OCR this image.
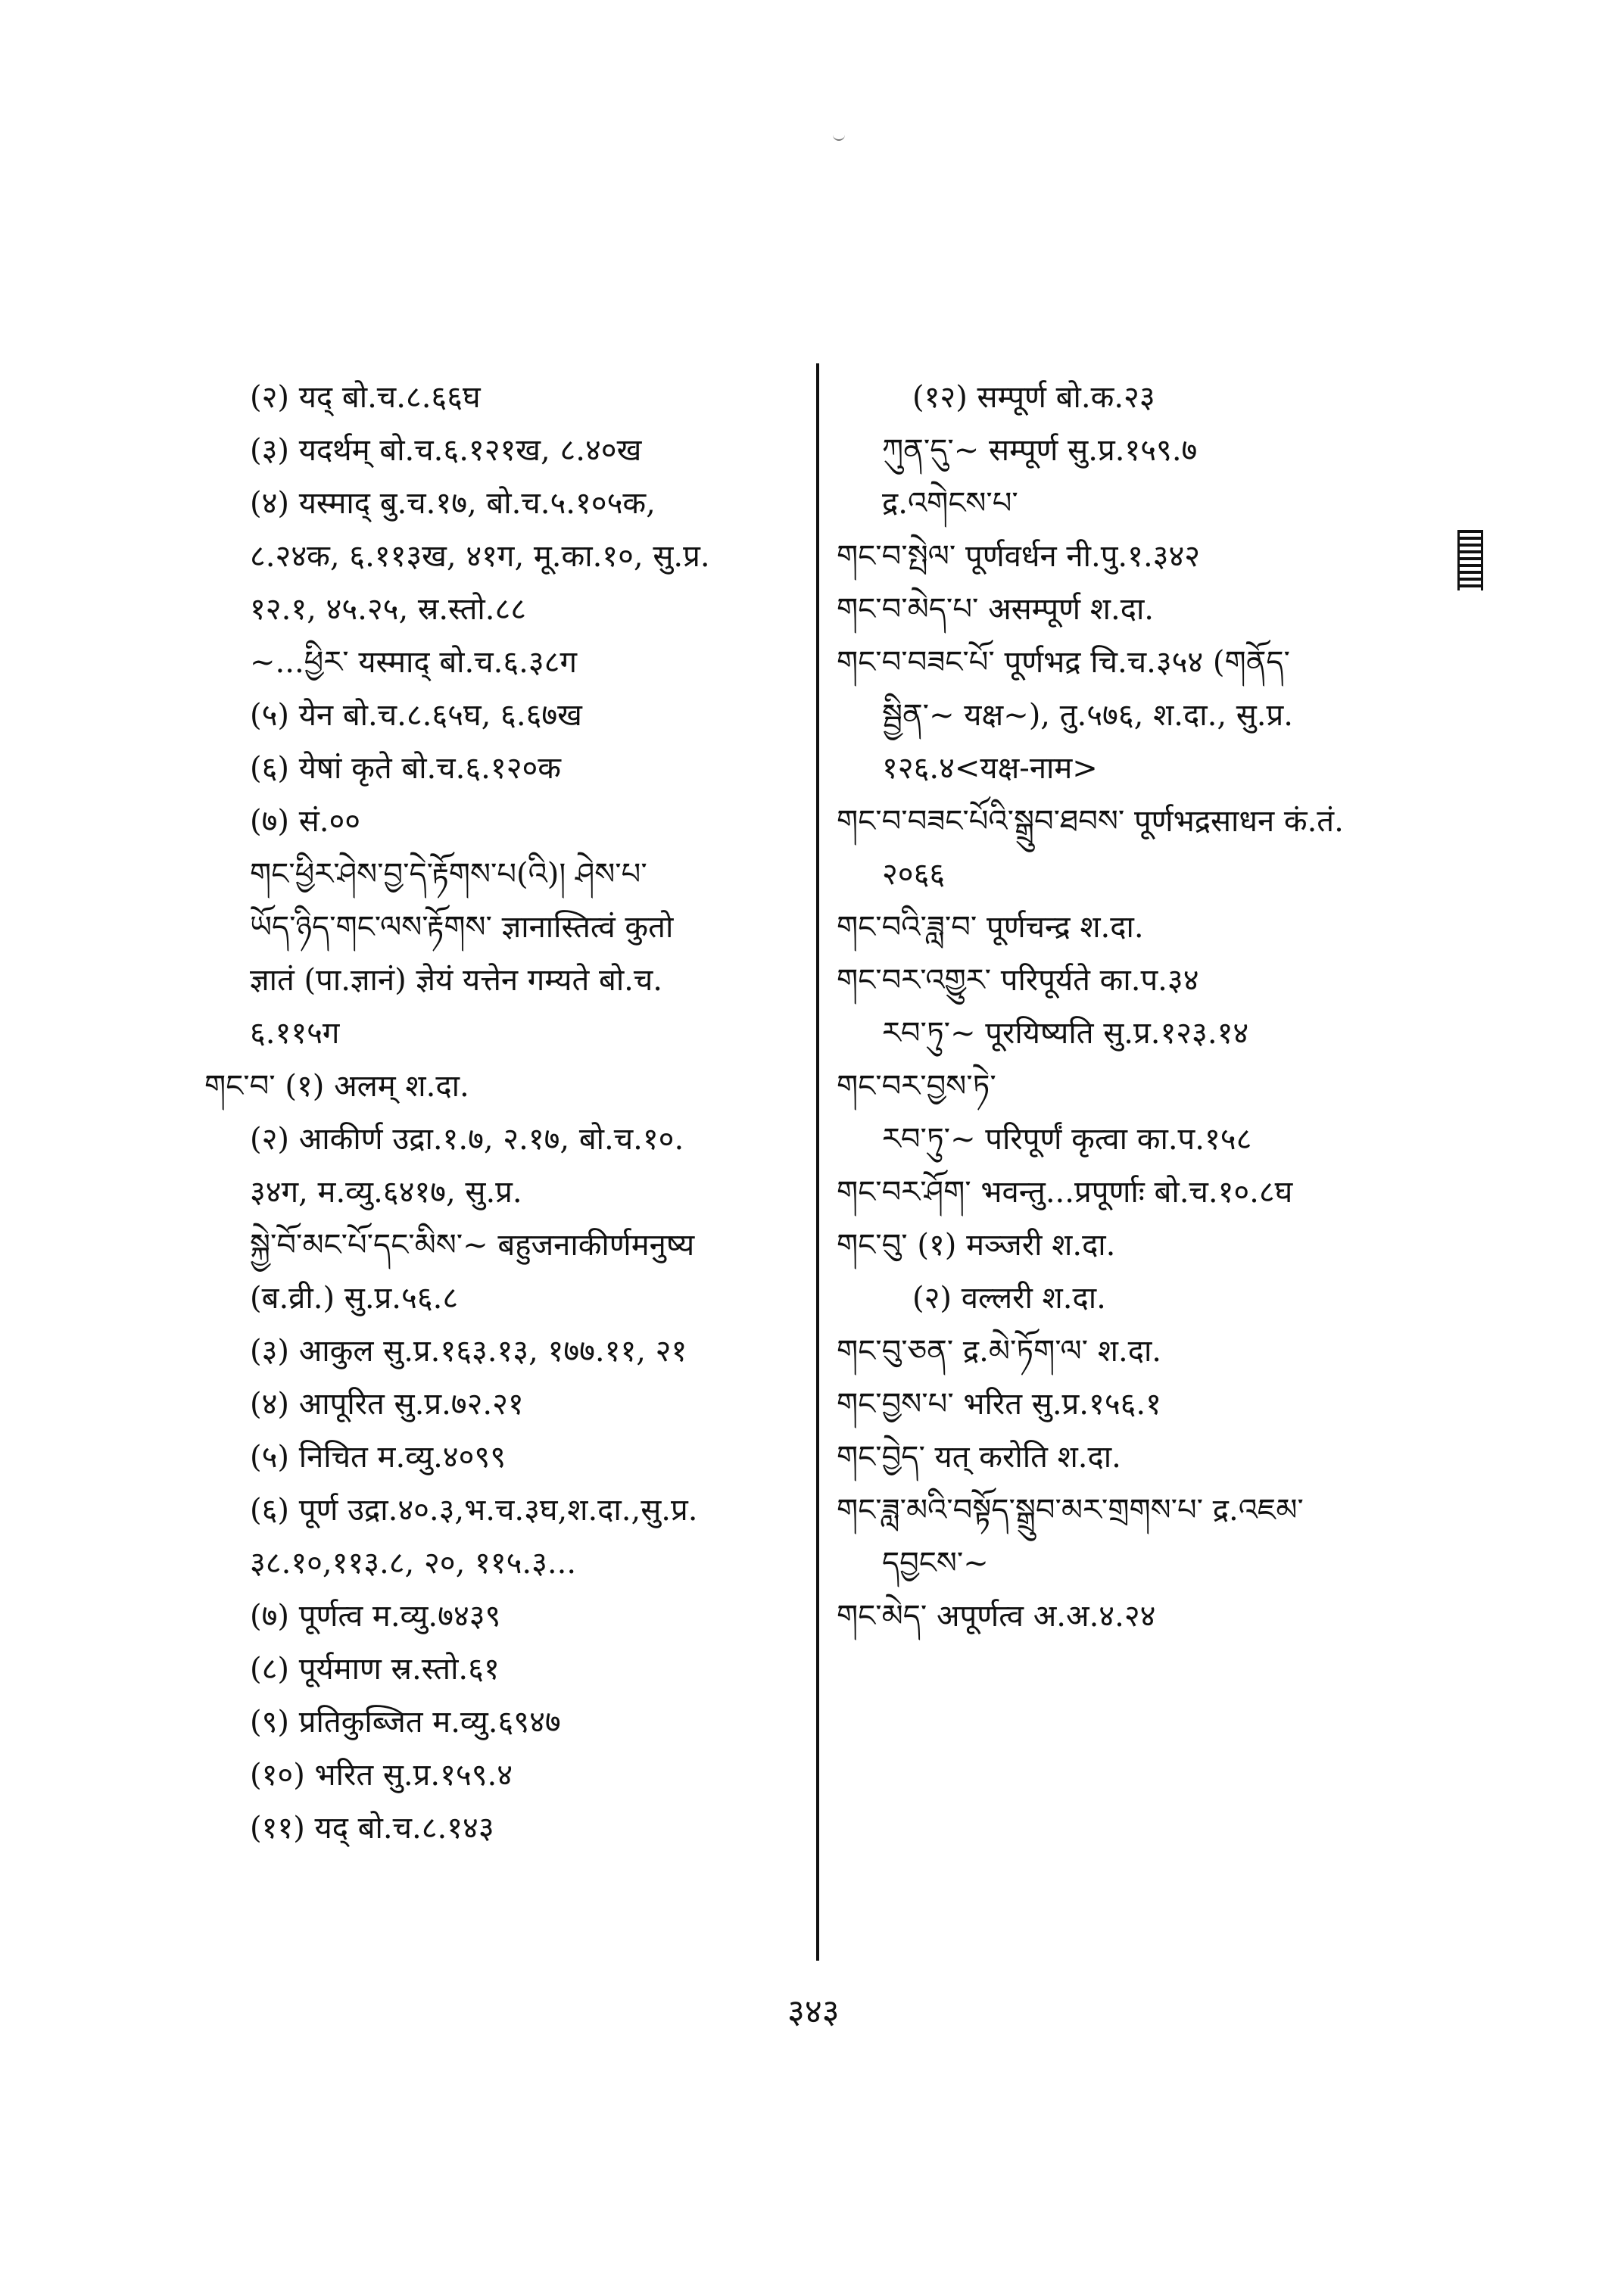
(२) यद् बो.च.८.६६घ
(३) यदर्थम् बो.च.६.१२१ख, ८.४०ख
(४) यस्माद् बु.च.१७, बो.च.५.१०५क,
८.२४क, ६.११३ख, ४१ग, मू.का.१०, सु.प्र.
१२.१, ४५.२५, स्र.स्तो.८८
~...ཕྱིར་ यस्माद् बो.च.६.३८ग
(५) येन बो.च.८.६५घ, ६.६७ख
(६) येषां कृते बो.च.६.१२०क
(७) सं.००
གང་ཕྱིར་ཤེས་བྱ་དེ་རྟོགས་པ(འི)། ཤེས་པ་
ཡོད་ཉིད་གང་ལས་རྟོགས་ ज्ञानास्तित्वं कुतो
ज्ञातं (पा.ज्ञानं) ज्ञेयं यत्तेन गम्यते बो.च.
६.११५ग
གང་བ་ (१) अलम् श.दा.
(२) आकीर्ण उद्रा.१.७, २.१७, बो.च.१०.
३४ग, म.व्यु.६४१७, सु.प्र.
སྐྱེ་བོ་མང་པོ་དང་མིས་~ बहुजनाकीर्णमनुष्य
(ब.व्री.) सु.प्र.५६.८
(३) आकुल सु.प्र.१६३.१३, १७७.११, २१
(४) आपूरित सु.प्र.७२.२१
(५) निचित म.व्यु.४०९९
(६) पूर्ण उद्रा.४०.३,भ.च.३घ,श.दा.,सु.प्र.
३८.१०,११३.८, २०, ११५.३...
(७) पूर्णत्व म.व्यु.७४३९
(८) पूर्यमाण स्र.स्तो.६१
(९) प्रतिकुब्जित म.व्यु.६९४७
(१०) भरित सु.प्र.१५९.४
(११) यद् बो.च.८.१४३
(१२) सम्पूर्ण बो.क.२३
ཀུན་དུ་~ सम्पूर्ण सु.प्र.१५९.७
द्र.འགེངས་པ་
གང་བ་སྤེལ་ पूर्णवर्धन नी.पु.१.३४२
གང་བ་མེད་པ་ असम्पूर्ण श.दा.
གང་བ་བཟང་པོ་ पूर्णभद्र चि.च.३५४ (གནོད་
སྦྱིན་~ यक्ष~), तु.५७६, श.दा., सु.प्र.
१२६.४<यक्ष-नाम>
གང་བ་བཟང་པོའི་སྒྲུབ་ཐབས་ पूर्णभद्रसाधन कं.तं.
२०६६
གང་བའི་ཟླ་བ་ पूर्णचन्द्र श.दा.
གང་བར་འགྱུར་ परिपूर्यते का.प.३४
རབ་ཏུ་~ पूरयिष्यति सु.प्र.१२३.१४
གང་བར་བྱས་ཏེ་
རབ་ཏུ་~ परिपूर्णं कृत्वा का.प.१५८
གང་བར་ཤོག་ भवन्तु...प्रपूर्णाः बो.च.१०.८घ
གང་བུ་ (१) मञ्जरी श.दा.
(२) वल्लरी श.दा.
གང་བུ་ཅན་ द्र.མེ་ཏོག་ལ་ श.दा.
གང་བྱས་པ་ भरित सु.प्र.१५६.१
གང་བྱེད་ यत् करोति श.दा.
གང་ཟླ་མའི་བསྟོད་སྒྲུབ་མར་གྲགས་པ་ द्र.འཇམ་
དབྱངས་~
གང་མེད་ अपूर्णत्व अ.अ.४.२४
३४३
